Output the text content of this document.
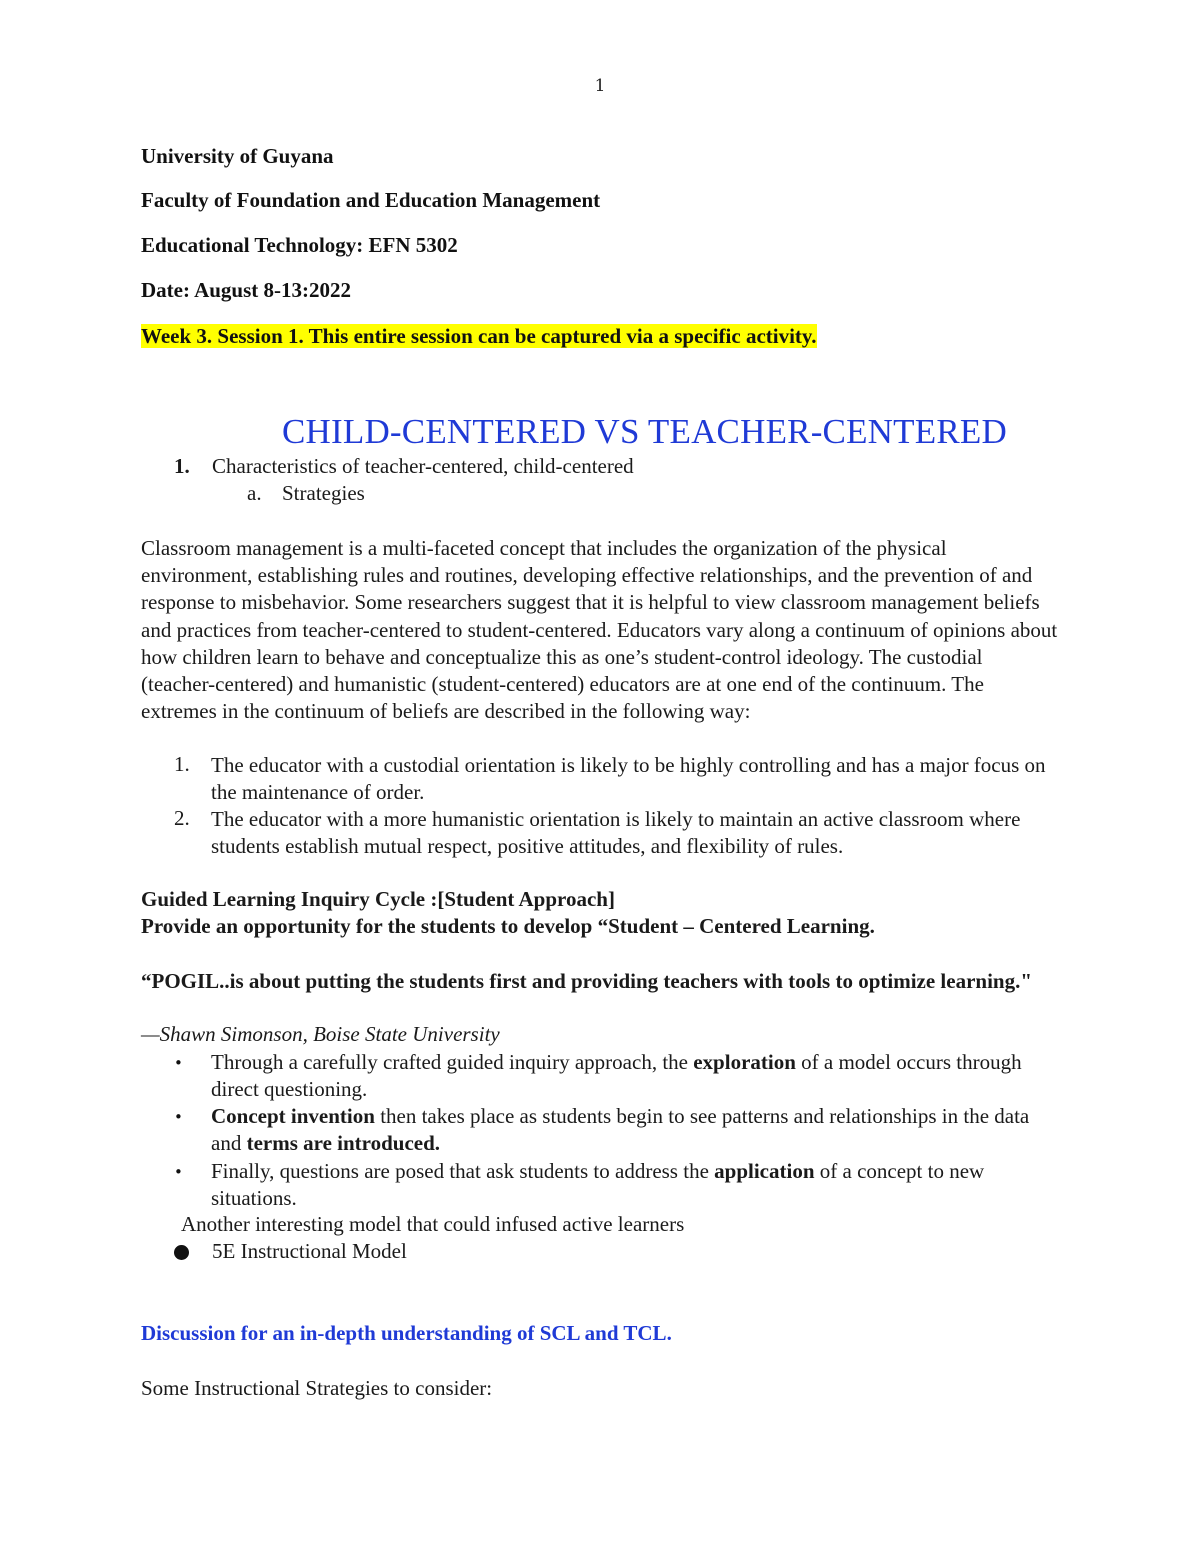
1
University of Guyana
Faculty of Foundation and Education Management
Educational Technology: EFN 5302
Date: August 8-13:2022
Week 3. Session 1. This entire session can be captured via a specific activity.
CHILD-CENTERED VS TEACHER-CENTERED
1. Characteristics of teacher-centered, child-centered
a. Strategies

Classroom management is a multi-faceted concept that includes the organization of the physical environment, establishing rules and routines, developing effective relationships, and the prevention of and response to misbehavior. Some researchers suggest that it is helpful to view classroom management beliefs and practices from teacher-centered to student-centered. Educators vary along a continuum of opinions about how children learn to behave and conceptualize this as one’s student-control ideology. The custodial (teacher-centered) and humanistic (student-centered) educators are at one end of the continuum. The extremes in the continuum of beliefs are described in the following way:

1. The educator with a custodial orientation is likely to be highly controlling and has a major focus on the maintenance of order.

2. The educator with a more humanistic orientation is likely to maintain an active classroom where students establish mutual respect, positive attitudes, and flexibility of rules.

Guided Learning Inquiry Cycle :[Student Approach]
Provide an opportunity for the students to develop “Student – Centered Learning.

“POGIL..is about putting the students first and providing teachers with tools to optimize learning."

—Shawn Simonson, Boise State University
• Through a carefully crafted guided inquiry approach, the exploration of a model occurs through direct questioning.

• Concept invention then takes place as students begin to see patterns and relationships in the data and terms are introduced.

• Finally, questions are posed that ask students to address the application of a concept to new situations.

Another interesting model that could infused active learners
5E Instructional Model
Discussion for an in-depth understanding of SCL and TCL.
Some Instructional Strategies to consider:
